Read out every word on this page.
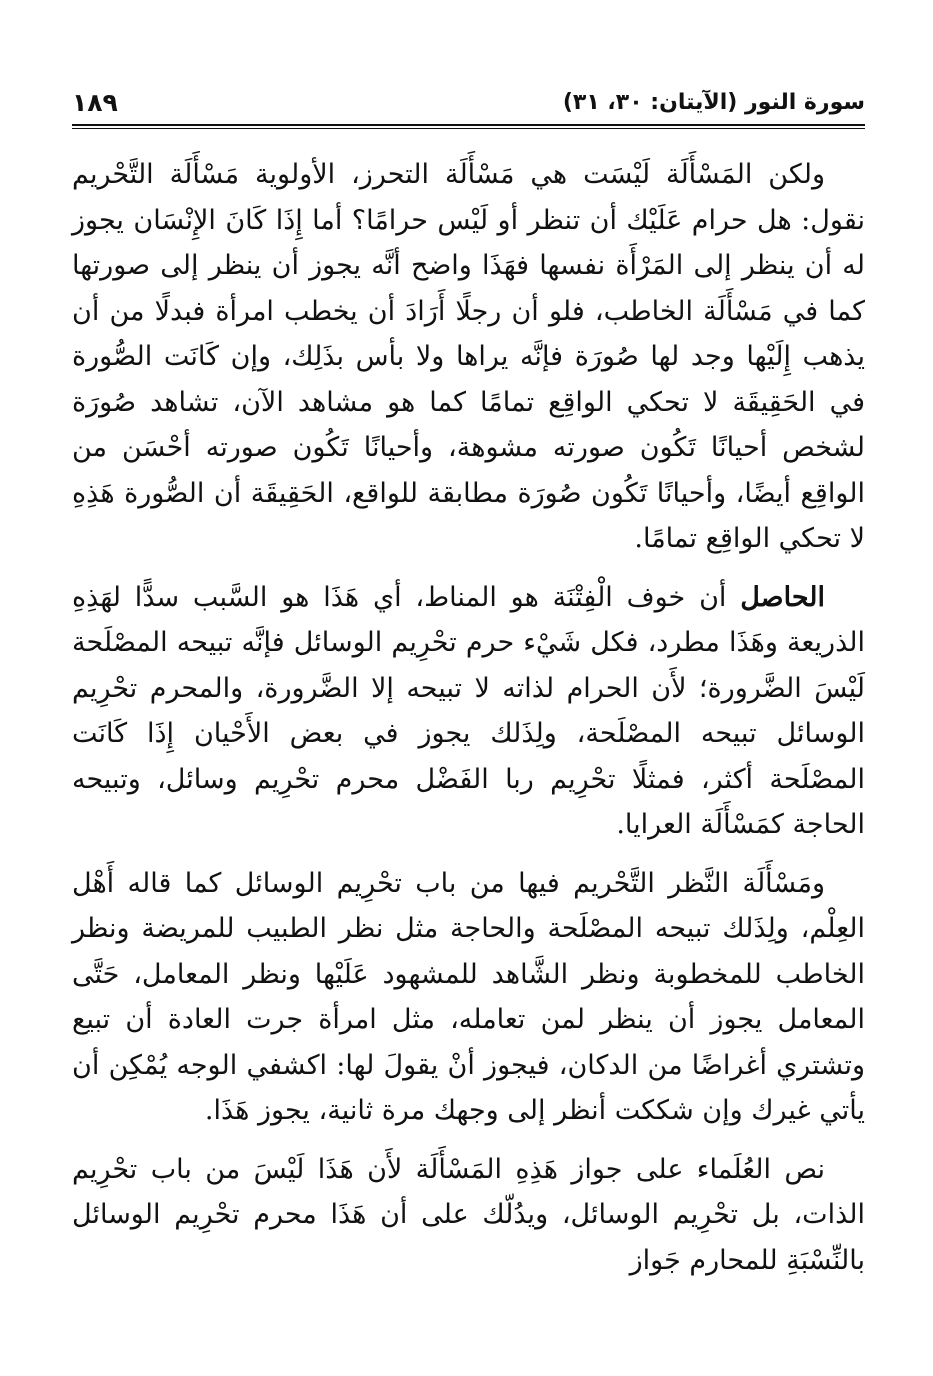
سورة النور (الآيتان: ٣٠، ٣١)
١٨٩

ولكن المَسْأَلَة لَيْسَت هي مَسْأَلَة التحرز، الأولوية مَسْأَلَة التَّحْريم نقول: هل حرام عَلَيْك أن تنظر أو لَيْس حرامًا؟ أما إِذَا كَانَ الإِنْسَان يجوز له أن ينظر إلى المَرْأَة نفسها فهَذَا واضح أنَّه يجوز أن ينظر إلى صورتها كما في مَسْأَلَة الخاطب، فلو أن رجلًا أَرَادَ أن يخطب امرأة فبدلًا من أن يذهب إِلَيْها وجد لها صُورَة فإنَّه يراها ولا بأس بذَلِك، وإن كَانَت الصُّورة في الحَقِيقَة لا تحكي الواقِع تمامًا كما هو مشاهد الآن، تشاهد صُورَة لشخص أحيانًا تَكُون صورته مشوهة، وأحيانًا تَكُون صورته أحْسَن من الواقِع أيضًا، وأحيانًا تَكُون صُورَة مطابقة للواقع، الحَقِيقَة أن الصُّورة هَذِهِ لا تحكي الواقِع تمامًا.

الحاصل أن خوف الْفِتْنَة هو المناط، أي هَذَا هو السَّبب سدًّا لهَذِهِ الذريعة وهَذَا مطرد، فكل شَيْء حرم تحْرِيم الوسائل فإنَّه تبيحه المصْلَحة لَيْسَ الضَّرورة؛ لأَن الحرام لذاته لا تبيحه إلا الضَّرورة، والمحرم تحْرِيم الوسائل تبيحه المصْلَحة، ولِذَلك يجوز في بعض الأَحْيان إِذَا كَانَت المصْلَحة أكثر، فمثلًا تحْرِيم ربا الفَضْل محرم تحْرِيم وسائل، وتبيحه الحاجة كمَسْأَلَة العرايا.

ومَسْأَلَة النَّظر التَّحْريم فيها من باب تحْرِيم الوسائل كما قاله أَهْل العِلْم، ولِذَلك تبيحه المصْلَحة والحاجة مثل نظر الطبيب للمريضة ونظر الخاطب للمخطوبة ونظر الشَّاهد للمشهود عَلَيْها ونظر المعامل، حَتَّى المعامل يجوز أن ينظر لمن تعامله، مثل امرأة جرت العادة أن تبيع وتشتري أغراضًا من الدكان، فيجوز أنْ يقولَ لها: اكشفي الوجه يُمْكِن أن يأتي غيرك وإن شككت أنظر إلى وجهك مرة ثانية، يجوز هَذَا.

نص العُلَماء على جواز هَذِهِ المَسْأَلَة لأَن هَذَا لَيْسَ من باب تحْرِيم الذات، بل تحْرِيم الوسائل، ويدُلّك على أن هَذَا محرم تحْرِيم الوسائل بالنِّسْبَةِ للمحارم جَواز
